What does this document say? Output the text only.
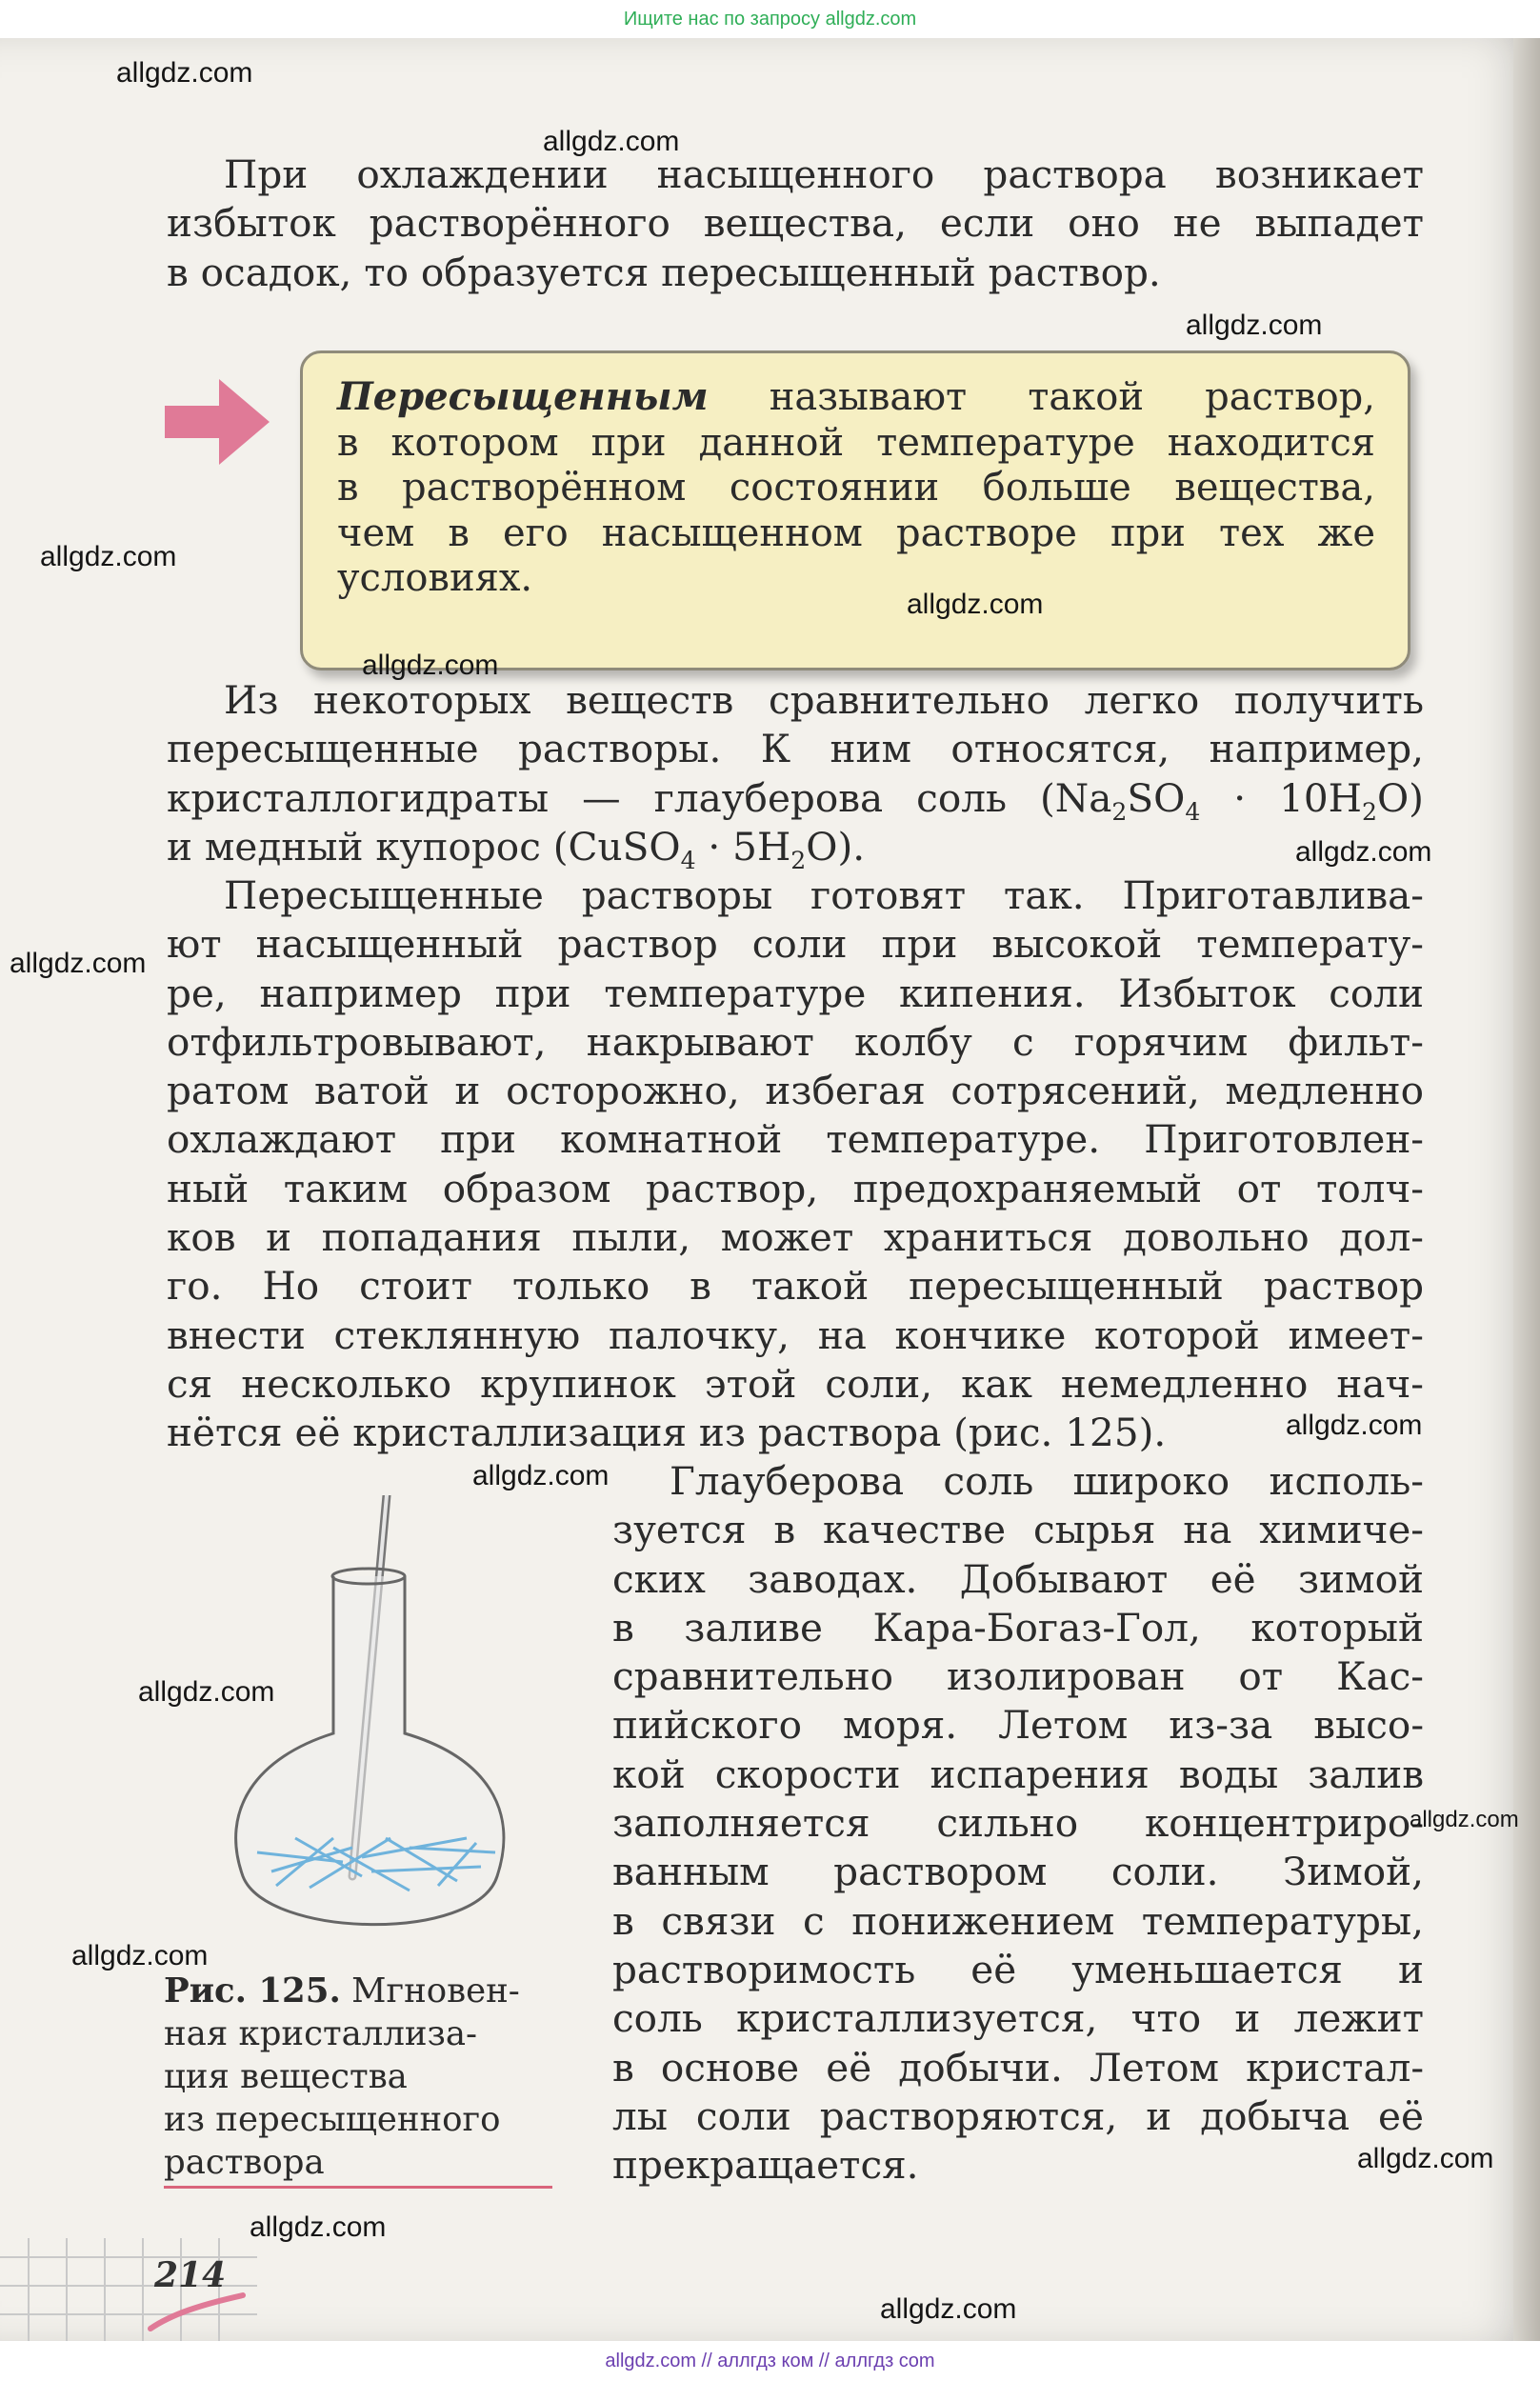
Ищите нас по запросу allgdz.com
При охлаждении насыщенного раствора возникает
избыток растворённого вещества, если оно не выпадет
в осадок, то образуется пересыщенный раствор.
Пересыщенным называют такой раствор,
в котором при данной температуре находится
в растворённом состоянии больше вещества,
чем в его насыщенном растворе при тех же
условиях.
Из некоторых веществ сравнительно легко получить
пересыщенные растворы. К ним относятся, например,
кристаллогидраты — глауберова соль $(Na_2SO_4 \cdot 10H_2O)$
и медный купорос (CuSO$_4$ · $5H_2O$).
Пересыщенные растворы готовят так. Приготавлива-
ют насыщенный раствор соли при высокой температу-
ре, например при температуре кипения. Избыток соли
отфильтровывают, накрывают колбу с горячим фильт-
ратом ватой и осторожно, избегая сотрясений, медленно
охлаждают при комнатной температуре. Приготовлен-
ный таким образом раствор, предохраняемый от толч-
ков и попадания пыли, может храниться довольно дол-
го. Но стоит только в такой пересыщенный раствор
внести стеклянную палочку, на кончике которой имеет-
ся несколько крупинок этой соли, как немедленно нач-
нётся её кристаллизация из раствора (рис. 125).
Глауберова соль широко исполь-
зуется в качестве сырья на химиче-
ских заводах. Добывают её зимой
в заливе Кара-Богаз-Гол, который
сравнительно изолирован от Кас-
пийского моря. Летом из-за высо-
кой скорости испарения воды залив
заполняется сильно концентриро-
ванным раствором соли. Зимой,
в связи с понижением температуры,
растворимость её уменьшается и
соль кристаллизуется, что и лежит
в основе её добычи. Летом кристал-
лы соли растворяются, и добыча её
прекращается.
Рис. 125. Мгновен-
ная кристаллиза-
ция вещества
из пересыщенного
раствора
214
allgdz.com
allgdz.com
allgdz.com
allgdz.com
allgdz.com
allgdz.com
allgdz.com
allgdz.com
allgdz.com
allgdz.com
allgdz.com
allgdz.com
allgdz.com
allgdz.com
allgdz.com
allgdz.com
allgdz.com // аллгдз ком // аллгдз com
